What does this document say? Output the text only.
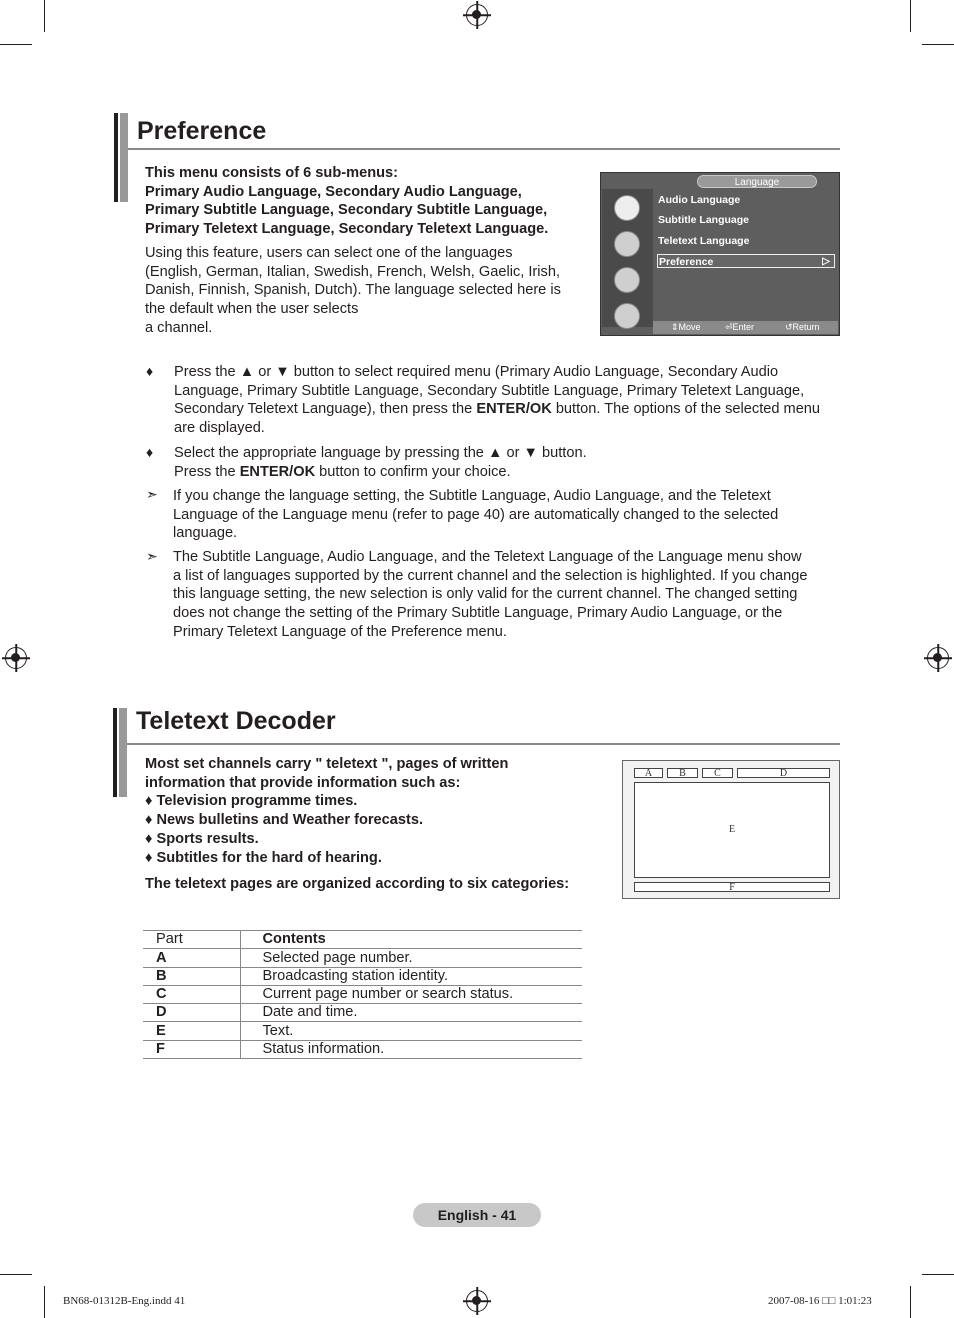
Preference
This menu consists of 6 sub-menus:
Primary Audio Language, Secondary Audio Language,
Primary Subtitle Language, Secondary Subtitle Language,
Primary Teletext Language, Secondary Teletext Language.
Using this feature, users can select one of the languages
(English, German, Italian, Swedish, French, Welsh, Gaelic, Irish,
Danish, Finnish, Spanish, Dutch). The language selected here is
the default when the user selects
a channel.
Language
Audio Language
Subtitle Language
Teletext Language
Preference	▷
⇕ Move	⏎ Enter	↺ Return
♦ Press the ▲ or ▼ button to select required menu (Primary Audio Language, Secondary Audio
Language, Primary Subtitle Language, Secondary Subtitle Language, Primary Teletext Language,
Secondary Teletext Language), then press the ENTER/OK button. The options of the selected menu
are displayed.
♦ Select the appropriate language by pressing the ▲ or ▼ button.
Press the ENTER/OK button to confirm your choice.
➣ If you change the language setting, the Subtitle Language, Audio Language, and the Teletext
Language of the Language menu (refer to page 40) are automatically changed to the selected
language.
➣ The Subtitle Language, Audio Language, and the Teletext Language of the Language menu show
a list of languages supported by the current channel and the selection is highlighted. If you change
this language setting, the new selection is only valid for the current channel. The changed setting
does not change the setting of the Primary Subtitle Language, Primary Audio Language, or the
Primary Teletext Language of the Preference menu.
Teletext Decoder
Most set channels carry " teletext ", pages of written
information that provide information such as:
♦ Television programme times.
♦ News bulletins and Weather forecasts.
♦ Sports results.
♦ Subtitles for the hard of hearing.
The teletext pages are organized according to six categories:
A	B	C	D
E
F
Part	Contents
A	Selected page number.
B	Broadcasting station identity.
C	Current page number or search status.
D	Date and time.
E	Text.
F	Status information.
English - 41
BN68-01312B-Eng.indd 41	2007-08-16 □□ 1:01:23
